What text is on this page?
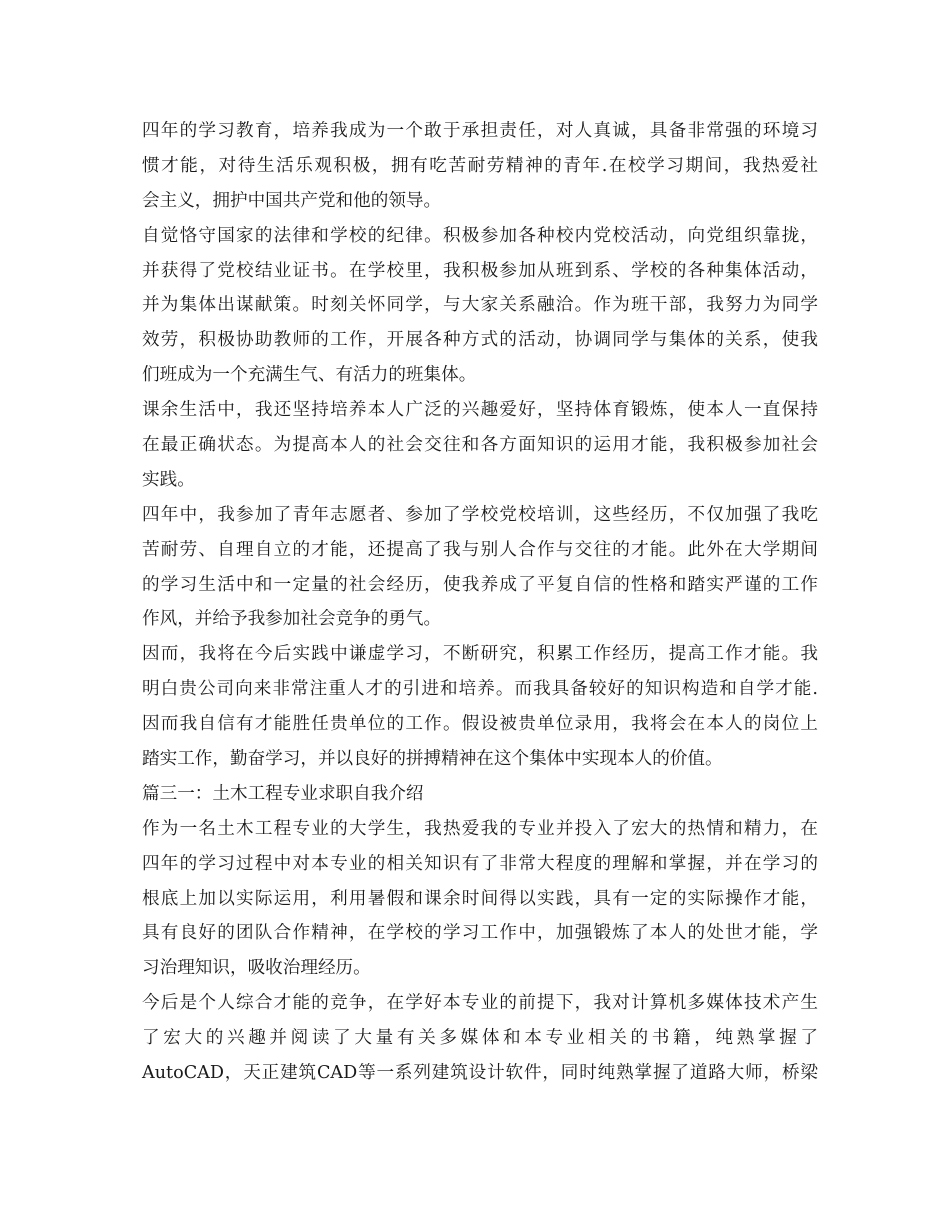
四年的学习教育，培养我成为一个敢于承担责任，对人真诚，具备非常强的环境习
惯才能，对待生活乐观积极，拥有吃苦耐劳精神的青年.在校学习期间，我热爱社
会主义，拥护中国共产党和他的领导。
自觉恪守国家的法律和学校的纪律。积极参加各种校内党校活动，向党组织靠拢，
并获得了党校结业证书。在学校里，我积极参加从班到系、学校的各种集体活动，
并为集体出谋献策。时刻关怀同学，与大家关系融洽。作为班干部，我努力为同学
效劳，积极协助教师的工作，开展各种方式的活动，协调同学与集体的关系，使我
们班成为一个充满生气、有活力的班集体。
课余生活中，我还坚持培养本人广泛的兴趣爱好，坚持体育锻炼，使本人一直保持
在最正确状态。为提高本人的社会交往和各方面知识的运用才能，我积极参加社会
实践。
四年中，我参加了青年志愿者、参加了学校党校培训，这些经历，不仅加强了我吃
苦耐劳、自理自立的才能，还提高了我与别人合作与交往的才能。此外在大学期间
的学习生活中和一定量的社会经历，使我养成了平复自信的性格和踏实严谨的工作
作风，并给予我参加社会竞争的勇气。
因而，我将在今后实践中谦虚学习，不断研究，积累工作经历，提高工作才能。我
明白贵公司向来非常注重人才的引进和培养。而我具备较好的知识构造和自学才能.
因而我自信有才能胜任贵单位的工作。假设被贵单位录用，我将会在本人的岗位上
踏实工作，勤奋学习，并以良好的拼搏精神在这个集体中实现本人的价值。
篇三一：土木工程专业求职自我介绍
作为一名土木工程专业的大学生，我热爱我的专业并投入了宏大的热情和精力，在
四年的学习过程中对本专业的相关知识有了非常大程度的理解和掌握，并在学习的
根底上加以实际运用，利用暑假和课余时间得以实践，具有一定的实际操作才能，
具有良好的团队合作精神，在学校的学习工作中，加强锻炼了本人的处世才能，学
习治理知识，吸收治理经历。
今后是个人综合才能的竞争，在学好本专业的前提下，我对计算机多媒体技术产生
了宏大的兴趣并阅读了大量有关多媒体和本专业相关的书籍，纯熟掌握了
AutoCAD，天正建筑CAD等一系列建筑设计软件，同时纯熟掌握了道路大师，桥梁
